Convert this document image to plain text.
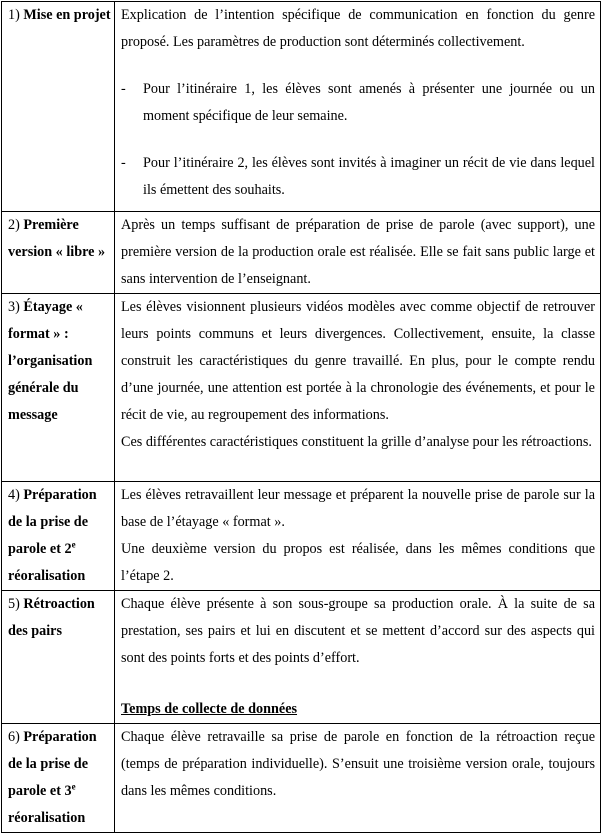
1) Mise en projet	Explication de l’intention spécifique de communication en fonction du genre proposé. Les paramètres de production sont déterminés collectivement.

- Pour l’itinéraire 1, les élèves sont amenés à présenter une journée ou un moment spécifique de leur semaine.
- Pour l’itinéraire 2, les élèves sont invités à imaginer un récit de vie dans lequel ils émettent des souhaits.

2) Première version « libre »	Après un temps suffisant de préparation de prise de parole (avec support), une première version de la production orale est réalisée. Elle se fait sans public large et sans intervention de l’enseignant.

3) Étayage « format » : l’organisation générale du message	Les élèves visionnent plusieurs vidéos modèles avec comme objectif de retrouver leurs points communs et leurs divergences. Collectivement, ensuite, la classe construit les caractéristiques du genre travaillé. En plus, pour le compte rendu d’une journée, une attention est portée à la chronologie des événements, et pour le récit de vie, au regroupement des informations.

Ces différentes caractéristiques constituent la grille d’analyse pour les rétroactions.

4) Préparation de la prise de parole et 2e réoralisation	Les élèves retravaillent leur message et préparent la nouvelle prise de parole sur la base de l’étayage « format ».

Une deuxième version du propos est réalisée, dans les mêmes conditions que l’étape 2.

5) Rétroaction des pairs	Chaque élève présente à son sous-groupe sa production orale. À la suite de sa prestation, ses pairs et lui en discutent et se mettent d’accord sur des aspects qui sont des points forts et des points d’effort.

Temps de collecte de données

6) Préparation de la prise de parole et 3e réoralisation	Chaque élève retravaille sa prise de parole en fonction de la rétroaction reçue (temps de préparation individuelle). S’ensuit une troisième version orale, toujours dans les mêmes conditions.
